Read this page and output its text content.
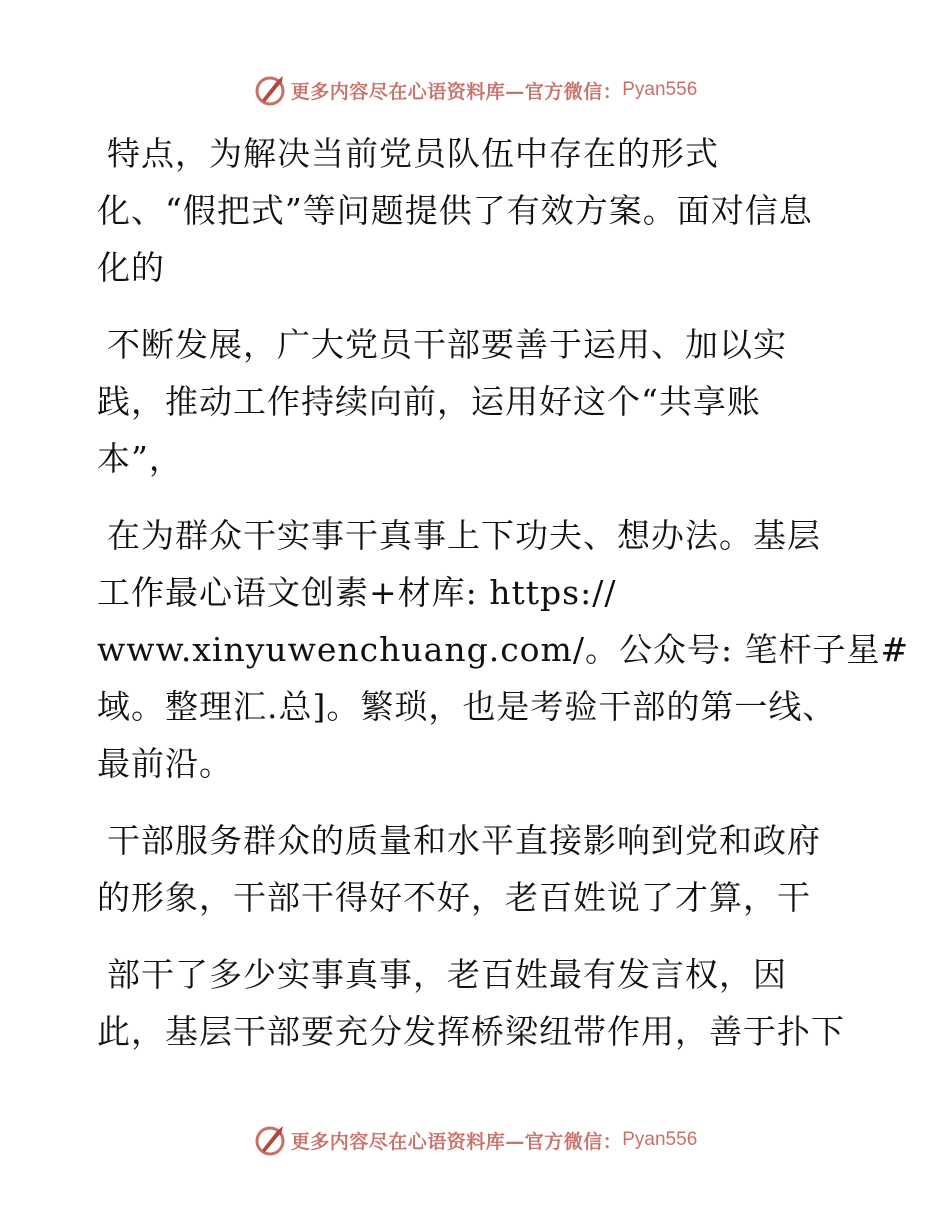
更多内容尽在心语资料库—官方微信： Pyan556
特点，为解决当前党员队伍中存在的形式
化、“假把式”等问题提供了有效方案。面对信息
化的
不断发展，广大党员干部要善于运用、加以实
践，推动工作持续向前，运用好这个“共享账
本”，
在为群众干实事干真事上下功夫、想办法。基层
工作最心语文创素+材库: https://
www.xinyuwenchuang.com/。公众号: 笔杆子星#
域。整理汇.总]。繁琐，也是考验干部的第一线、
最前沿。
干部服务群众的质量和水平直接影响到党和政府
的形象，干部干得好不好，老百姓说了才算，干
部干了多少实事真事，老百姓最有发言权，因
此，基层干部要充分发挥桥梁纽带作用，善于扑下
更多内容尽在心语资料库—官方微信： Pyan556
